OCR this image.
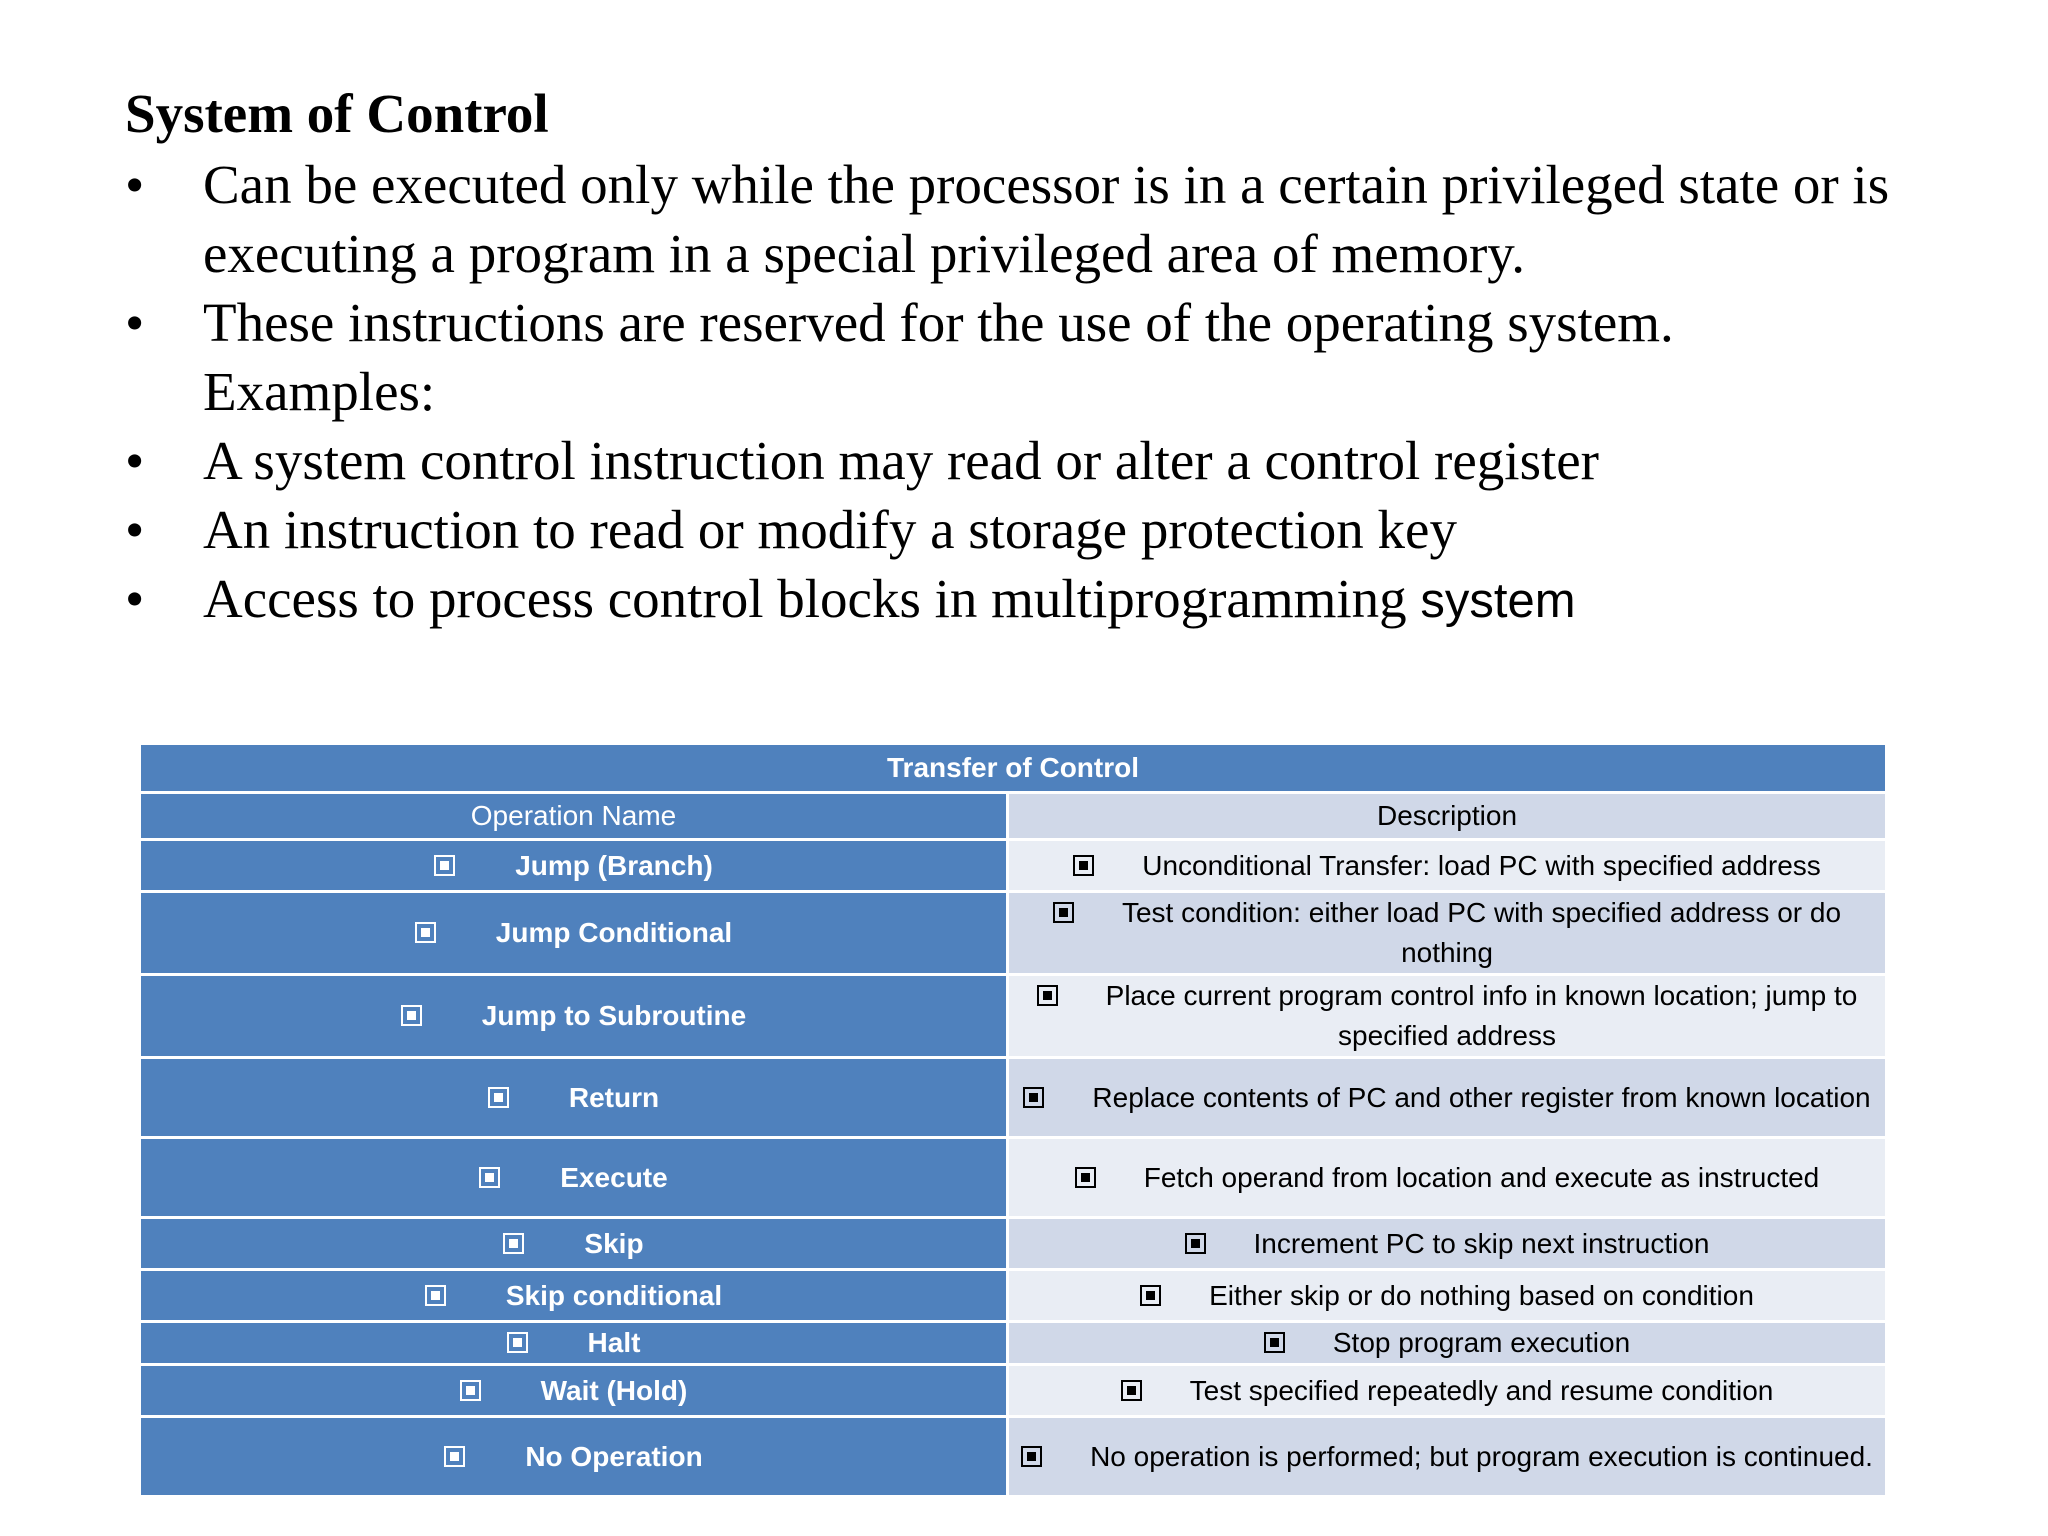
System of Control
• Can be executed only while the processor is in a certain privileged state or is executing a program in a special privileged area of memory.
• These instructions are reserved for the use of the operating system.
Examples:
• A system control instruction may read or alter a control register
• An instruction to read or modify a storage protection key
• Access to process control blocks in multiprogramming system
Transfer of Control	
Operation Name	Description
Jump (Branch)	Unconditional Transfer: load PC with specified address
Jump Conditional	Test condition: either load PC with specified address or do nothing
Jump to Subroutine	Place current program control info in known location; jump to specified address
Return	Replace contents of PC and other register from known location
Execute	Fetch operand from location and execute as instructed
Skip	Increment PC to skip next instruction
Skip conditional	Either skip or do nothing based on condition
Halt	Stop program execution
Wait (Hold)	Test specified repeatedly and resume condition
No Operation	No operation is performed; but program execution is continued.
